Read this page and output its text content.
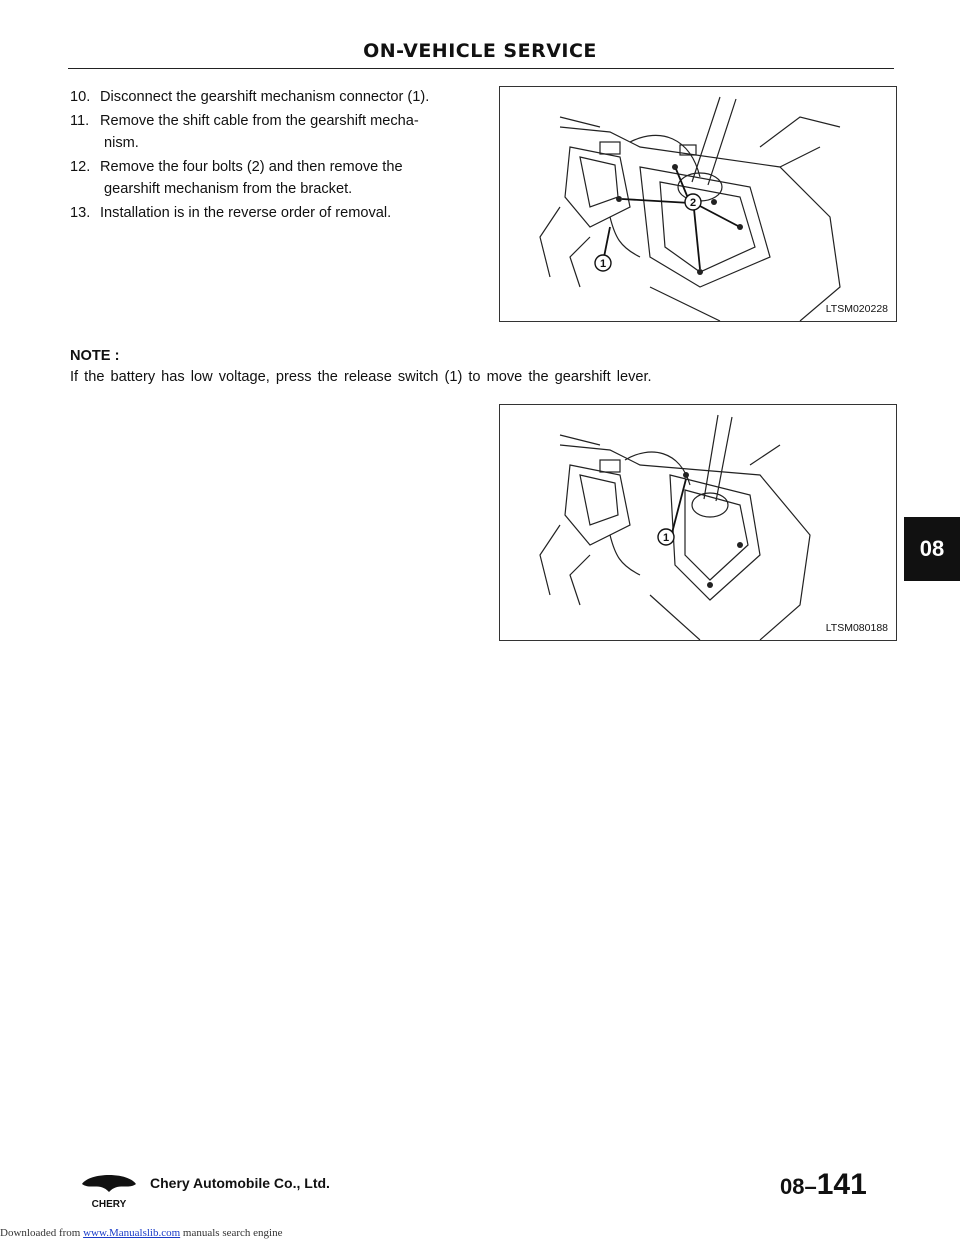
ON-VEHICLE SERVICE
10. Disconnect the gearshift mechanism connector (1).
11. Remove the shift cable from the gearshift mecha-
nism.
12. Remove the four bolts (2) and then remove the
gearshift mechanism from the bracket.
13. Installation is in the reverse order of removal.
2
1
LTSM020228
NOTE :
If the battery has low voltage, press the release switch (1) to move the gearshift lever.
1
LTSM080188
08
CHERY
Chery Automobile Co., Ltd.	08–141
Downloaded from www.Manualslib.com manuals search engine
